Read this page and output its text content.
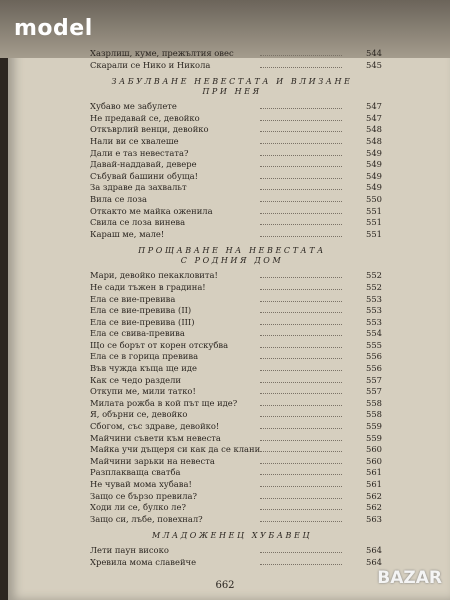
model
Хазрлиш, куме, прежълтия овес	544
Скарали се Нико и Никола	545
ЗАБУЛВАНЕ НЕВЕСТАТА И ВЛИЗАНЕ
ПРИ НЕЯ
Хубаво ме забулете	547
Не предавай се, девойко	547
Откъврлий венци, девойко	548
Нали ви се хвалеше	548
Дали е таз невестата?	549
Давай-наддавай, девере	549
Събувай башини обуща!	549
За здраве да захвальт	549
Вила се лоза	550
Откакто ме майка оженила	551
Свила се лоза винева	551
Караш ме, мале!	551
ПРОЩАВАНЕ НА НЕВЕСТАТА
С РОДНИЯ ДОМ
Мари, девойко пекакловита!	552
Не сади тъжен в градина!	552
Ела се вие-превива	553
Ела се вие-превива (II)	553
Ела се вие-превива (III)	553
Ела се свива-превива	554
Що се борът от корен отскубва	555
Ела се в горица превива	556
Във чужда къща ще иде	556
Как се чедо раздели	557
Откупи ме, мили татко!	557
Милата рожба в кой път ще иде?	558
Я, обърни се, девойко	558
Сбогом, със здраве, девойко!	559
Майчини съвети към невеста	559
Майка учи дъщеря си как да се клани	560
Майчини зарьки на невеста	560
Разплакваща сватба	561
Не чувай мома хубава!	561
Защо се бързо превила?	562
Ходи ли се, булко ле?	562
Защо си, лъбе, повехнал?	563
МЛАДОЖЕНЕЦ ХУБАВЕЦ
Лети паун високо	564
Хревила мома славейче	564
662	BAZAR
